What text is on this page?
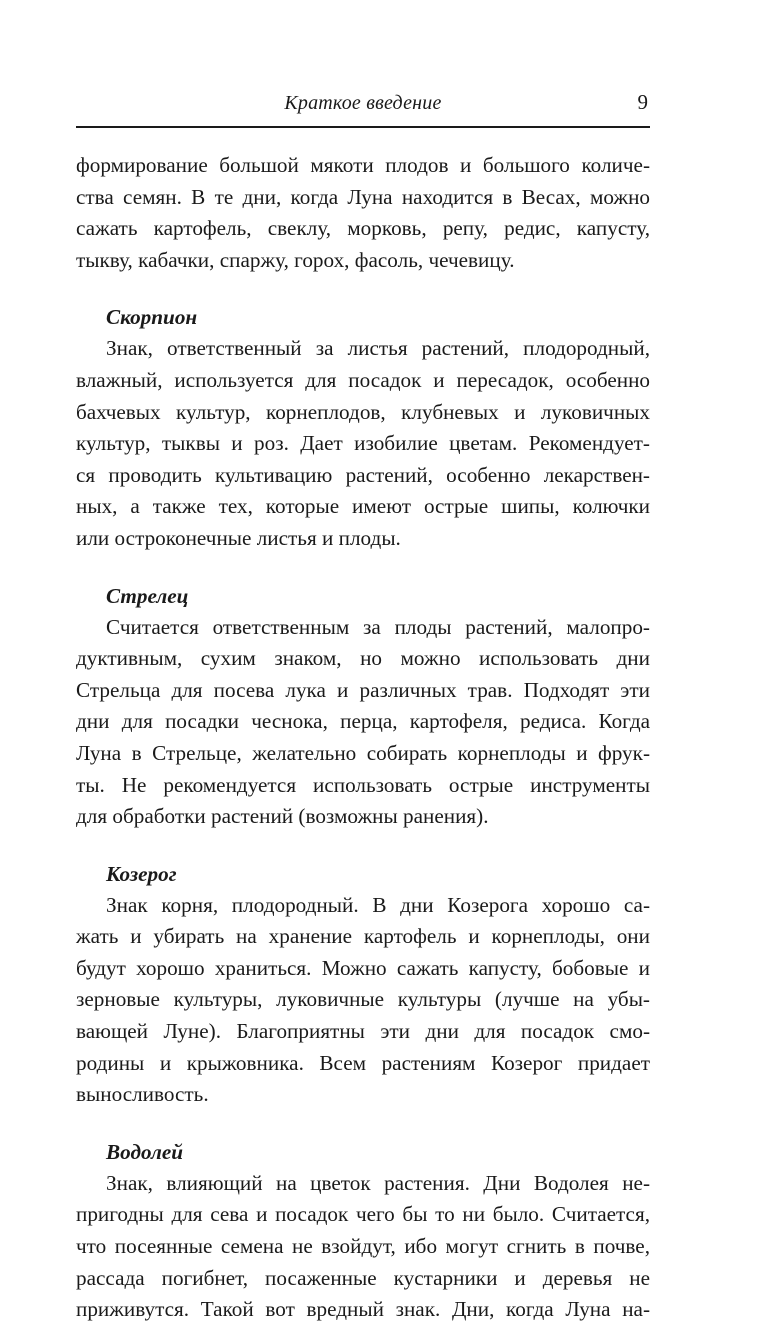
Краткое введение	9

формирование большой мякоти плодов и большого количе-

ства семян. В те дни, когда Луна находится в Весах, можно

сажать картофель, свеклу, морковь, репу, редис, капусту,

тыкву, кабачки, спаржу, горох, фасоль, чечевицу.

Скорпион

Знак, ответственный за листья растений, плодородный,

влажный, используется для посадок и пересадок, особенно

бахчевых культур, корнеплодов, клубневых и луковичных

культур, тыквы и роз. Дает изобилие цветам. Рекомендует-

ся проводить культивацию растений, особенно лекарствен-

ных, а также тех, которые имеют острые шипы, колючки

или остроконечные листья и плоды.

Стрелец

Считается ответственным за плоды растений, малопро-

дуктивным, сухим знаком, но можно использовать дни

Стрельца для посева лука и различных трав. Подходят эти

дни для посадки чеснока, перца, картофеля, редиса. Когда

Луна в Стрельце, желательно собирать корнеплоды и фрук-

ты. Не рекомендуется использовать острые инструменты

для обработки растений (возможны ранения).

Козерог

Знак корня, плодородный. В дни Козерога хорошо са-

жать и убирать на хранение картофель и корнеплоды, они

будут хорошо храниться. Можно сажать капусту, бобовые и

зерновые культуры, луковичные культуры (лучше на убы-

вающей Луне). Благоприятны эти дни для посадок смо-

родины и крыжовника. Всем растениям Козерог придает

выносливость.

Водолей

Знак, влияющий на цветок растения. Дни Водолея не-

пригодны для сева и посадок чего бы то ни было. Считается,

что посеянные семена не взойдут, ибо могут сгнить в почве,

рассада погибнет, посаженные кустарники и деревья не

приживутся. Такой вот вредный знак. Дни, когда Луна на-
